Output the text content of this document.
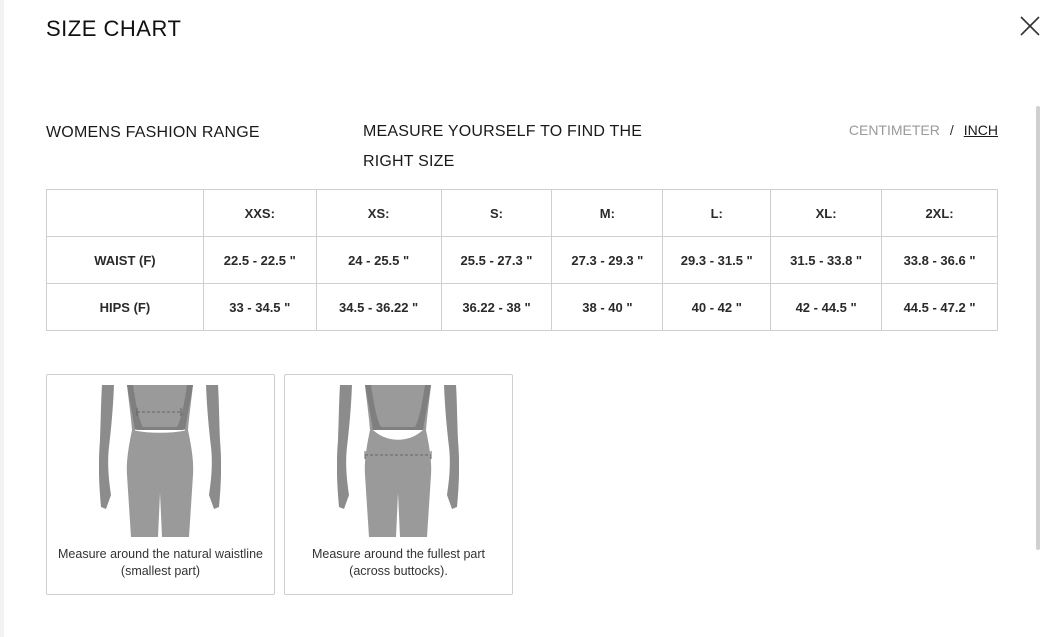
SIZE CHART
WOMENS FASHION RANGE	MEASURE YOURSELF TO FIND THE RIGHT SIZE
CENTIMETER / INCH
	XXS:	XS:	S:	M:	L:	XL:	2XL:
WAIST (F)	22.5 - 22.5 "	24 - 25.5 "	25.5 - 27.3 "	27.3 - 29.3 "	29.3 - 31.5 "	31.5 - 33.8 "	33.8 - 36.6 "
HIPS (F)	33 - 34.5 "	34.5 - 36.22 "	36.22 - 38 "	38 - 40 "	40 - 42 "	42 - 44.5 "	44.5 - 47.2 "
Measure around the natural waistline (smallest part)
Measure around the fullest part (across buttocks).
